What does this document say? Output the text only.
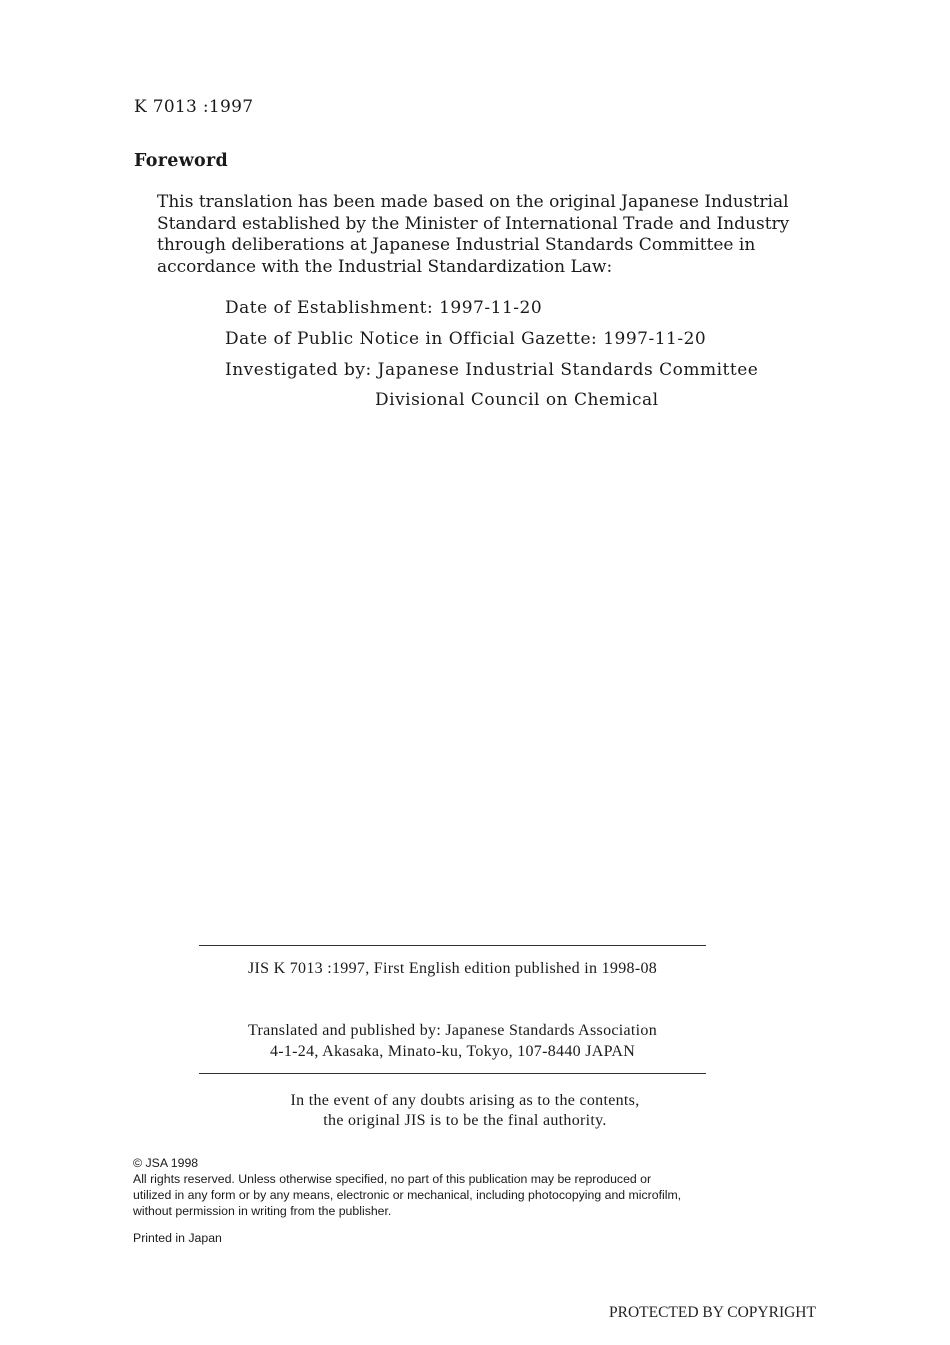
K 7013 :1997
Foreword
This translation has been made based on the original Japanese Industrial
Standard established by the Minister of International Trade and Industry
through deliberations at Japanese Industrial Standards Committee in
accordance with the Industrial Standardization Law:
Date of Establishment: 1997-11-20
Date of Public Notice in Official Gazette: 1997-11-20
Investigated by: Japanese Industrial Standards Committee
Divisional Council on Chemical
JIS K 7013 :1997, First English edition published in 1998-08
Translated and published by: Japanese Standards Association
4-1-24, Akasaka, Minato-ku, Tokyo, 107-8440 JAPAN
In the event of any doubts arising as to the contents,
the original JIS is to be the final authority.
© JSA 1998
All rights reserved. Unless otherwise specified, no part of this publication may be reproduced or
utilized in any form or by any means, electronic or mechanical, including photocopying and microfilm,
without permission in writing from the publisher.
Printed in Japan
PROTECTED BY COPYRIGHT
